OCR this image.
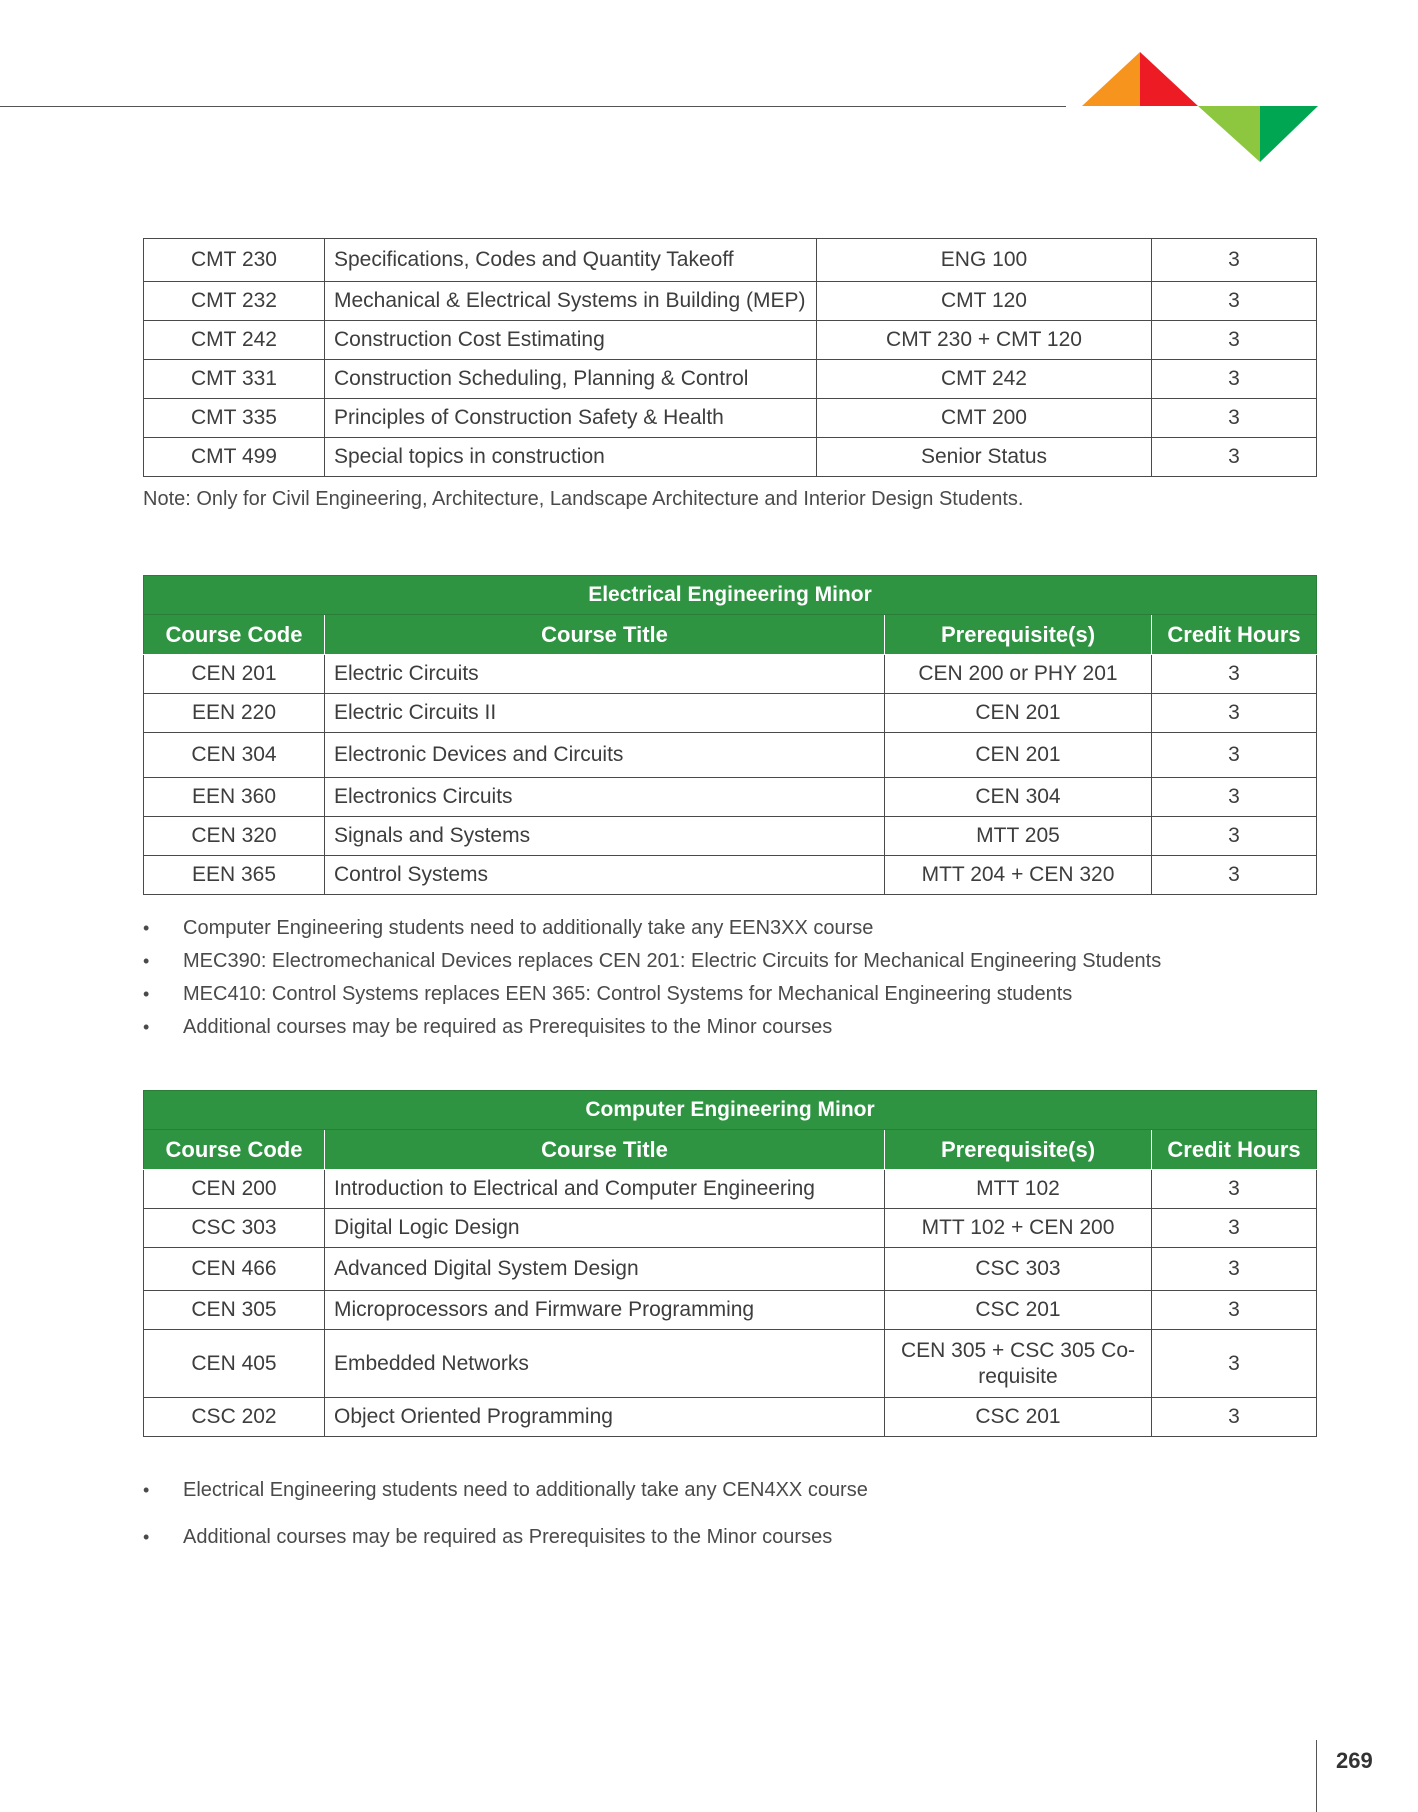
CMT 230	Specifications, Codes and Quantity Takeoff	ENG 100	3
CMT 232	Mechanical & Electrical Systems in Building (MEP)	CMT 120	3
CMT 242	Construction Cost Estimating	CMT 230 + CMT 120	3
CMT 331	Construction Scheduling, Planning & Control	CMT 242	3
CMT 335	Principles of Construction Safety & Health	CMT 200	3
CMT 499	Special topics in construction	Senior Status	3

Note: Only for Civil Engineering, Architecture, Landscape Architecture and Interior Design Students.

Electrical Engineering Minor			
Course Code	Course Title	Prerequisite(s)	Credit Hours
CEN 201	Electric Circuits	CEN 200 or PHY 201	3
EEN 220	Electric Circuits II	CEN 201	3
CEN 304	Electronic Devices and Circuits	CEN 201	3
EEN 360	Electronics Circuits	CEN 304	3
CEN 320	Signals and Systems	MTT 205	3
EEN 365	Control Systems	MTT 204 + CEN 320	3
• Computer Engineering students need to additionally take any EEN3XX course
• MEC390: Electromechanical Devices replaces CEN 201: Electric Circuits for Mechanical Engineering Students
• MEC410: Control Systems replaces EEN 365: Control Systems for Mechanical Engineering students
• Additional courses may be required as Prerequisites to the Minor courses
Computer Engineering Minor			
Course Code	Course Title	Prerequisite(s)	Credit Hours
CEN 200	Introduction to Electrical and Computer Engineering	MTT 102	3
CSC 303	Digital Logic Design	MTT 102 + CEN 200	3
CEN 466	Advanced Digital System Design	CSC 303	3
CEN 305	Microprocessors and Firmware Programming	CSC 201	3
CEN 405	Embedded Networks	CEN 305 + CSC 305 Co-requisite	3
CSC 202	Object Oriented Programming	CSC 201	3
• Electrical Engineering students need to additionally take any CEN4XX course
• Additional courses may be required as Prerequisites to the Minor courses
269
